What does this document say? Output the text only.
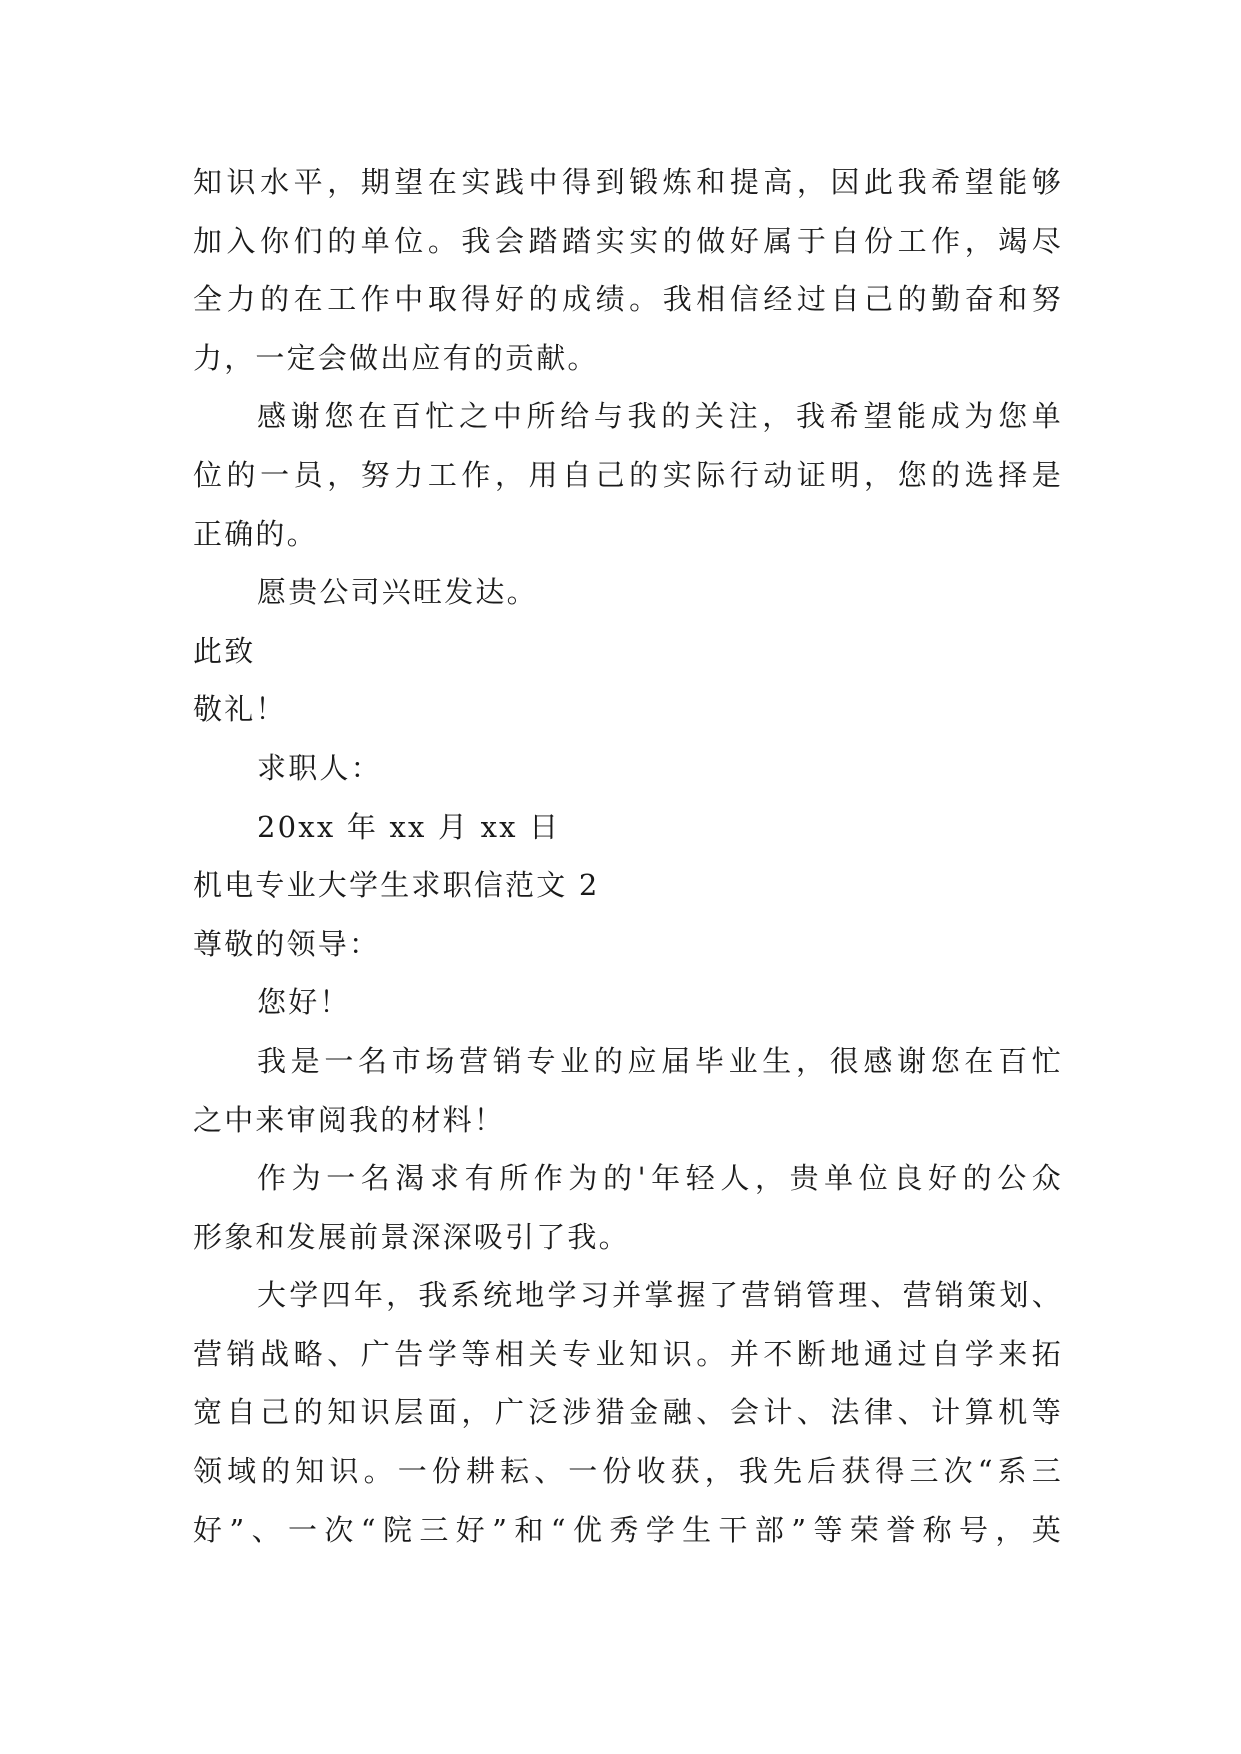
知识水平，期望在实践中得到锻炼和提高，因此我希望能够
加入你们的单位。我会踏踏实实的做好属于自份工作，竭尽
全力的在工作中取得好的成绩。我相信经过自己的勤奋和努
力，一定会做出应有的贡献。
感谢您在百忙之中所给与我的关注，我希望能成为您单
位的一员，努力工作，用自己的实际行动证明，您的选择是
正确的。
愿贵公司兴旺发达。
此致
敬礼！
求职人：
20xx 年 xx 月 xx 日
机电专业大学生求职信范文 2
尊敬的领导：
您好！
我是一名市场营销专业的应届毕业生，很感谢您在百忙
之中来审阅我的材料！
作为一名渴求有所作为的'年轻人，贵单位良好的公众
形象和发展前景深深吸引了我。
大学四年，我系统地学习并掌握了营销管理、营销策划、
营销战略、广告学等相关专业知识。并不断地通过自学来拓
宽自己的知识层面，广泛涉猎金融、会计、法律、计算机等
领域的知识。一份耕耘、一份收获，我先后获得三次“系三
好”、一次“院三好”和“优秀学生干部”等荣誉称号，英
